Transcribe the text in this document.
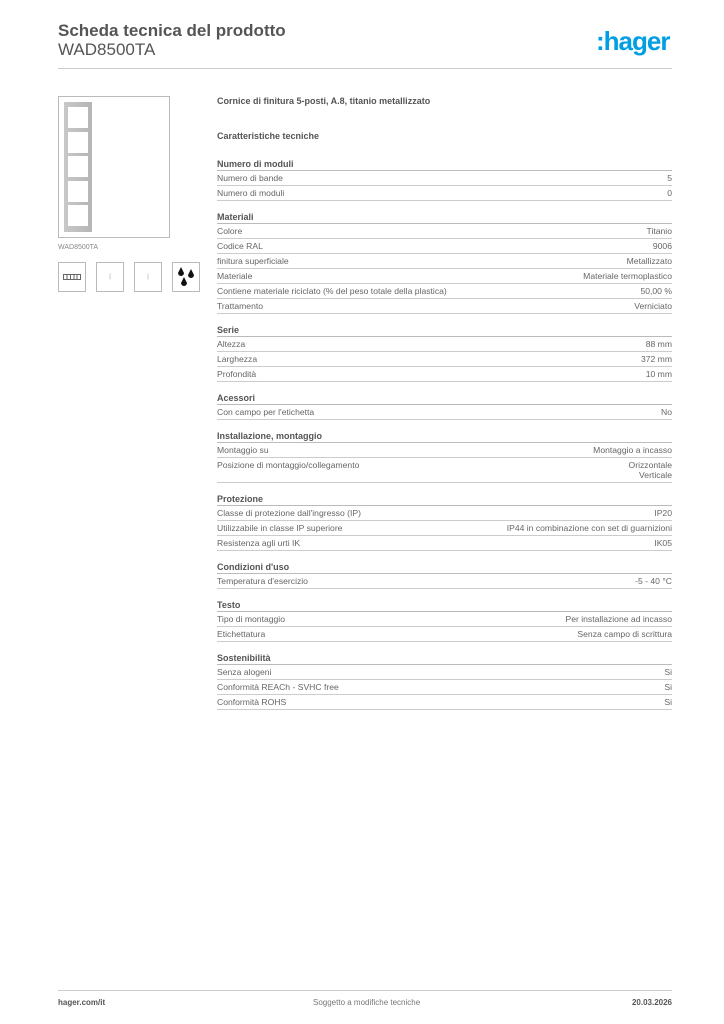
Scheda tecnica del prodotto
WAD8500TA	:hager
WAD8500TA
|	|
Cornice di finitura 5-posti, A.8, titanio metallizzato
Caratteristiche tecniche
Numero di moduli
Numero di bande	5
Numero di moduli	0
Materiali
Colore	Titanio
Codice RAL	9006
finitura superficiale	Metallizzato
Materiale	Materiale termoplastico
Contiene materiale riciclato (% del peso totale della plastica)	50,00 %
Trattamento	Verniciato
Serie
Altezza	88 mm
Larghezza	372 mm
Profondità	10 mm
Acessori
Con campo per l'etichetta	No
Installazione, montaggio
Montaggio su	Montaggio a incasso
Posizione di montaggio/collegamento	Orizzontale
Verticale
Protezione
Classe di protezione dall'ingresso (IP)	IP20
Utilizzabile in classe IP superiore	IP44 in combinazione con set di guarnizioni
Resistenza agli urti IK	IK05
Condizioni d'uso
Temperatura d'esercizio	-5 - 40 °C
Testo
Tipo di montaggio	Per installazione ad incasso
Etichettatura	Senza campo di scrittura
Sostenibilità
Senza alogeni	Si
Conformità REACh - SVHC free	Si
Conformità ROHS	Si
hager.com/it	Soggetto a modifiche tecniche	20.03.2026
